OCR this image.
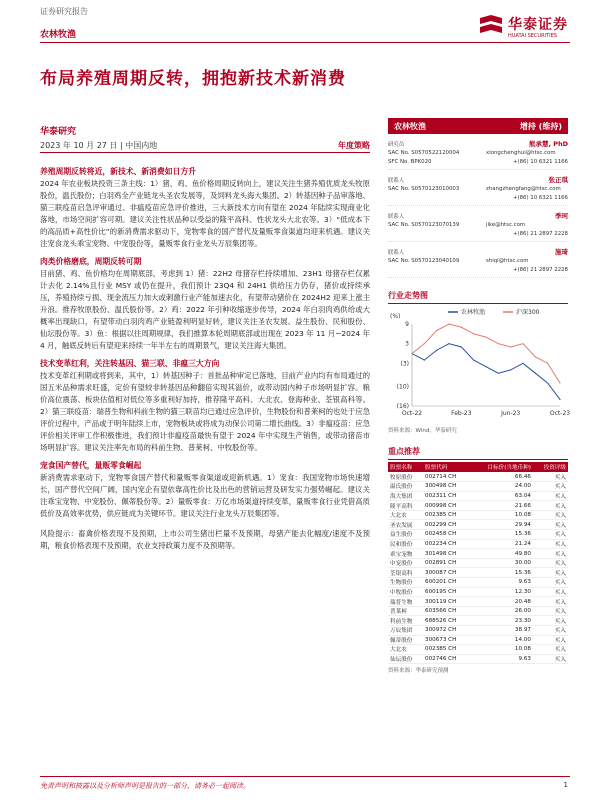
证券研究报告
农林牧渔
华泰证券
HUATAI SECURITIES
布局养殖周期反转，拥抱新技术新消费
华泰研究
2023 年 10 月 27 日 | 中国内地	年度策略
养殖周期反转将近，新技术、新消费如日方升
2024 年农业板块投资三条主线：1）猪、鸡、鱼价格周期反转向上，建议关注生猪养殖优质龙头牧原股份，温氏股份；白羽鸡全产业链龙头圣农发展等，及饲料龙头海大集团。2）转基因种子品审落地、猫三联疫苗启急评审通过、非瘟疫苗应急评价推进，三大新技术方向有望在 2024 年陆续实现商业化落地，市场空间扩容可期。建议关注性状品种以受益的隆平高科、性状龙头大北农等。3）“低成本下的高品质+高性价比”的新消费需求驱动下，宠物零食的国产替代及量贩零食渠道均迎来机遇。建议关注宠食龙头乖宝宠物、中宠股份等，量贩零食行业龙头万辰集团等。
肉类价格磨底，周期反转可期
目前猪、鸡、鱼价格均在周期底部，考虑到 1）猪：22H2 母猪存栏持续增加、23H1 母猪存栏仅累计去化 2.14%且行业 MSY 或仍在提升，我们预计 23Q4 和 24H1 供给压力仍存，猪价或持续承压，养殖持续亏损、现金流压力加大或刺激行业产能加速去化，有望带动猪价在 2024H2 迎来上涨主升浪。推荐牧原股份、温氏股份等。2）鸡：2022 年引种收缩逐步传导，2024 年白羽肉鸡供给或大概率出现缺口，有望带动白羽肉鸡产业链盈利明显好转，建议关注圣农发展、益生股份、民和股份、仙坛股份等。3）鱼：根据以往周期规律，我们推算本轮周期底部或出现在 2023 年 11 月~2024 年 4 月，触底反转后有望迎来持续一年半左右的周期景气，建议关注海大集团。
技术变革红利，关注转基因、猫三联、非瘟三大方向
技术变革红利期或将到来，其中，1）转基因种子：首批品种审定已落地，目前产业内均有布局通过的国五米品种需求旺盛，定价有望较非转基因品种翻倍实现其溢价，或带动国内种子市场明显扩容。粮价高位震荡、板块估值相对低位等多重利好加持，推荐隆平高科、大北农、登海种业、荃银高科等。2）猫三联疫苗：瑞普生物和科前生物的猫三联苗均已通过应急评价，生物股份和普莱柯的也处于应急评价过程中，产品或于明年陆续上市，宠物板块或将成为动保公司第二增长曲线。3）非瘟疫苗：应急评价相关评审工作积极推进，我们预计非瘟疫苗最快有望于 2024 年中实现生产销售，或带动猪苗市场明显扩容。建议关注率先布局的科前生物、普莱柯、中牧股份等。
宠食国产替代，量贩零食崛起
新消费需求驱动下，宠物零食国产替代和量贩零食渠道或迎新机遇。1）宠食：我国宠物市场快速增长，国产替代空间广阔，国内宠企有望依靠高性价比及出色的营销运营及研发实力强势崛起。建议关注乖宝宠物、中宠股份、佩蒂股份等。2）量贩零食：万亿市场渠道持续变革，量贩零食行业凭借高质低价及高效率优势，供应链成为关键环节。建议关注行业龙头万辰集团等。
风险提示：畜禽价格表现不及预期，上市公司生猪出栏量不及预期，母猪产能去化幅度/速度不及预期，粮食价格表现不及预期，农业支持政策力度不及预期等。
农林牧渔	增持 (维持)
研究员	熊承慧, PhD
SAC No. S0570522120004
SFC No. BPK020
xiongchenghui@htsc.com
+(86) 10 6321 1166
联系人	张正琪
SAC No. S0570123010003	zhangzhengfang@htsc.com
+(86) 10 6321 1166
联系人	季珂
SAC No. S0570123070139	jike@htsc.com
+(86) 21 2897 2228
联系人	施琦
SAC No. S0570123040109	shiqi@htsc.com
+(86) 21 2897 2228
行业走势图
(%)
9
3
(3)
(10)
(16)
Oct-22	Feb-23	Jun-23	Oct-23
农林牧渔	沪深300
资料来源：Wind，华泰研究
重点推荐
股票名称	股票代码	目标价(当地币种)	投资评级
牧原股份	002714 CH	66.46	买入
温氏股份	300498 CH	24.00	买入
海大集团	002311 CH	63.04	买入
隆平高科	000998 CH	21.66	买入
大北农	002385 CH	10.08	买入
圣农发展	002299 CH	29.94	买入
益生股份	002458 CH	15.36	买入
民和股份	002234 CH	21.24	买入
乖宝宠物	301498 CH	49.80	买入
中宠股份	002891 CH	30.00	买入
荃银高科	300087 CH	15.36	买入
生物股份	600201 CH	9.63	买入
中牧股份	600195 CH	12.30	买入
瑞普生物	300119 CH	20.48	买入
普莱柯	603566 CH	26.00	买入
科前生物	688526 CH	23.30	买入
万辰集团	300972 CH	38.97	买入
佩蒂股份	300673 CH	14.00	买入
大北农	002385 CH	10.08	买入
仙坛股份	002746 CH	9.63	买入
资料来源：华泰研究预测
免责声明和披露以及分析师声明是报告的一部分，请务必一起阅读。	1
